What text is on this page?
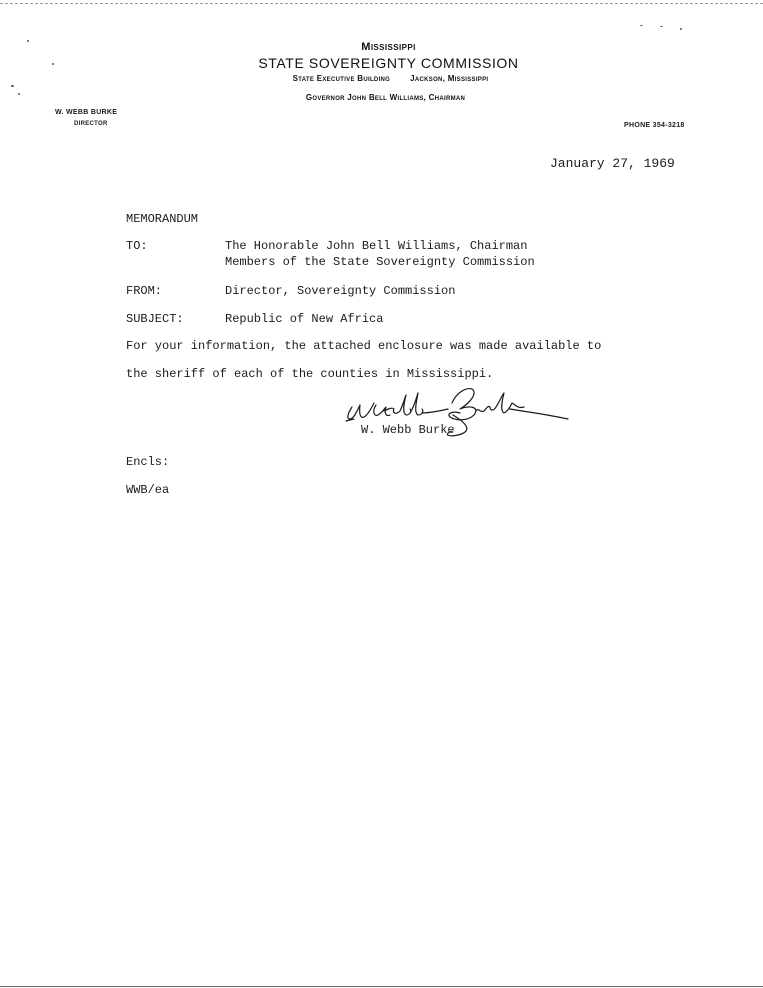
Mississippi
STATE SOVEREIGNTY COMMISSION
State Executive Building	Jackson, Mississippi
Governor John Bell Williams, Chairman
W. WEBB BURKE
DIRECTOR	PHONE 354-3218
January 27, 1969
MEMORANDUM
TO:	The Honorable John Bell Williams, Chairman
Members of the State Sovereignty Commission
FROM:	Director, Sovereignty Commission
SUBJECT:	Republic of New Africa
For your information, the attached enclosure was made available to
the sheriff of each of the counties in Mississippi.
W. Webb Burke
Encls:
WWB/ea
